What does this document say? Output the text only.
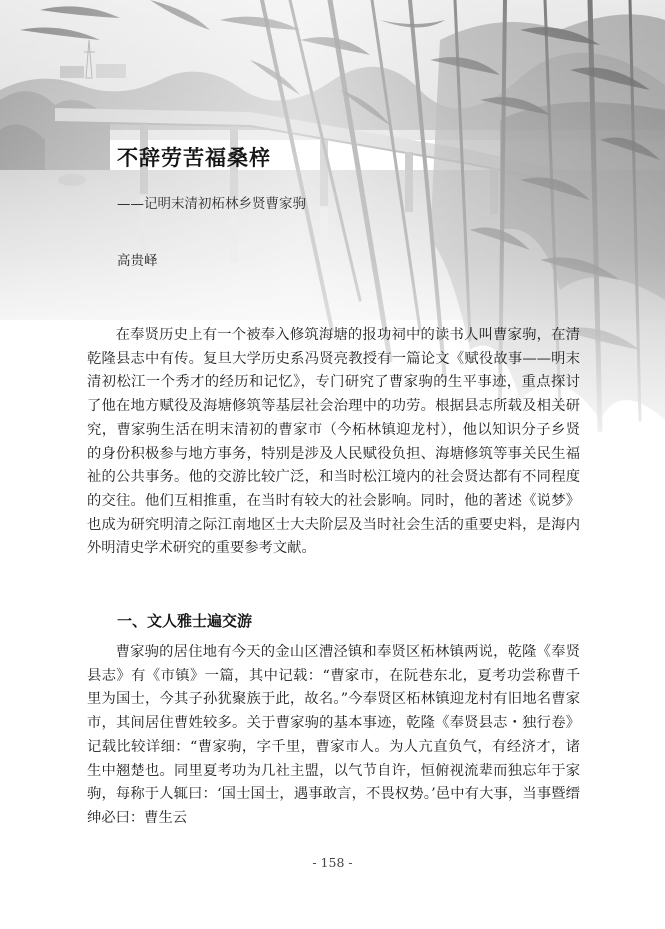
不辞劳苦福桑梓

——记明末清初柘林乡贤曹家驹

高贵峄

在奉贤历史上有一个被奉入修筑海塘的报功祠中的读书人叫曹家驹，在清乾隆县志中有传。复旦大学历史系冯贤亮教授有一篇论文《赋役故事——明末清初松江一个秀才的经历和记忆》，专门研究了曹家驹的生平事迹，重点探讨了他在地方赋役及海塘修筑等基层社会治理中的功劳。根据县志所载及相关研究，曹家驹生活在明末清初的曹家市（今柘林镇迎龙村），他以知识分子乡贤的身份积极参与地方事务，特别是涉及人民赋役负担、海塘修筑等事关民生福祉的公共事务。他的交游比较广泛，和当时松江境内的社会贤达都有不同程度的交往。他们互相推重，在当时有较大的社会影响。同时，他的著述《说梦》也成为研究明清之际江南地区士大夫阶层及当时社会生活的重要史料，是海内外明清史学术研究的重要参考文献。

一、文人雅士遍交游

曹家驹的居住地有今天的金山区漕泾镇和奉贤区柘林镇两说，乾隆《奉贤县志》有《市镇》一篇，其中记载：“曹家市，在阮巷东北，夏考功尝称曹千里为国士，今其子孙犹聚族于此，故名。”今奉贤区柘林镇迎龙村有旧地名曹家市，其间居住曹姓较多。关于曹家驹的基本事迹，乾隆《奉贤县志・独行卷》记载比较详细：“曹家驹，字千里，曹家市人。为人亢直负气，有经济才，诸生中翘楚也。同里夏考功为几社主盟，以气节自许，恒俯视流辈而独忘年于家驹，每称于人辄曰：‘国士国士，遇事敢言，不畏权势。’邑中有大事，当事暨缙绅必曰：曹生云

- 158 -
